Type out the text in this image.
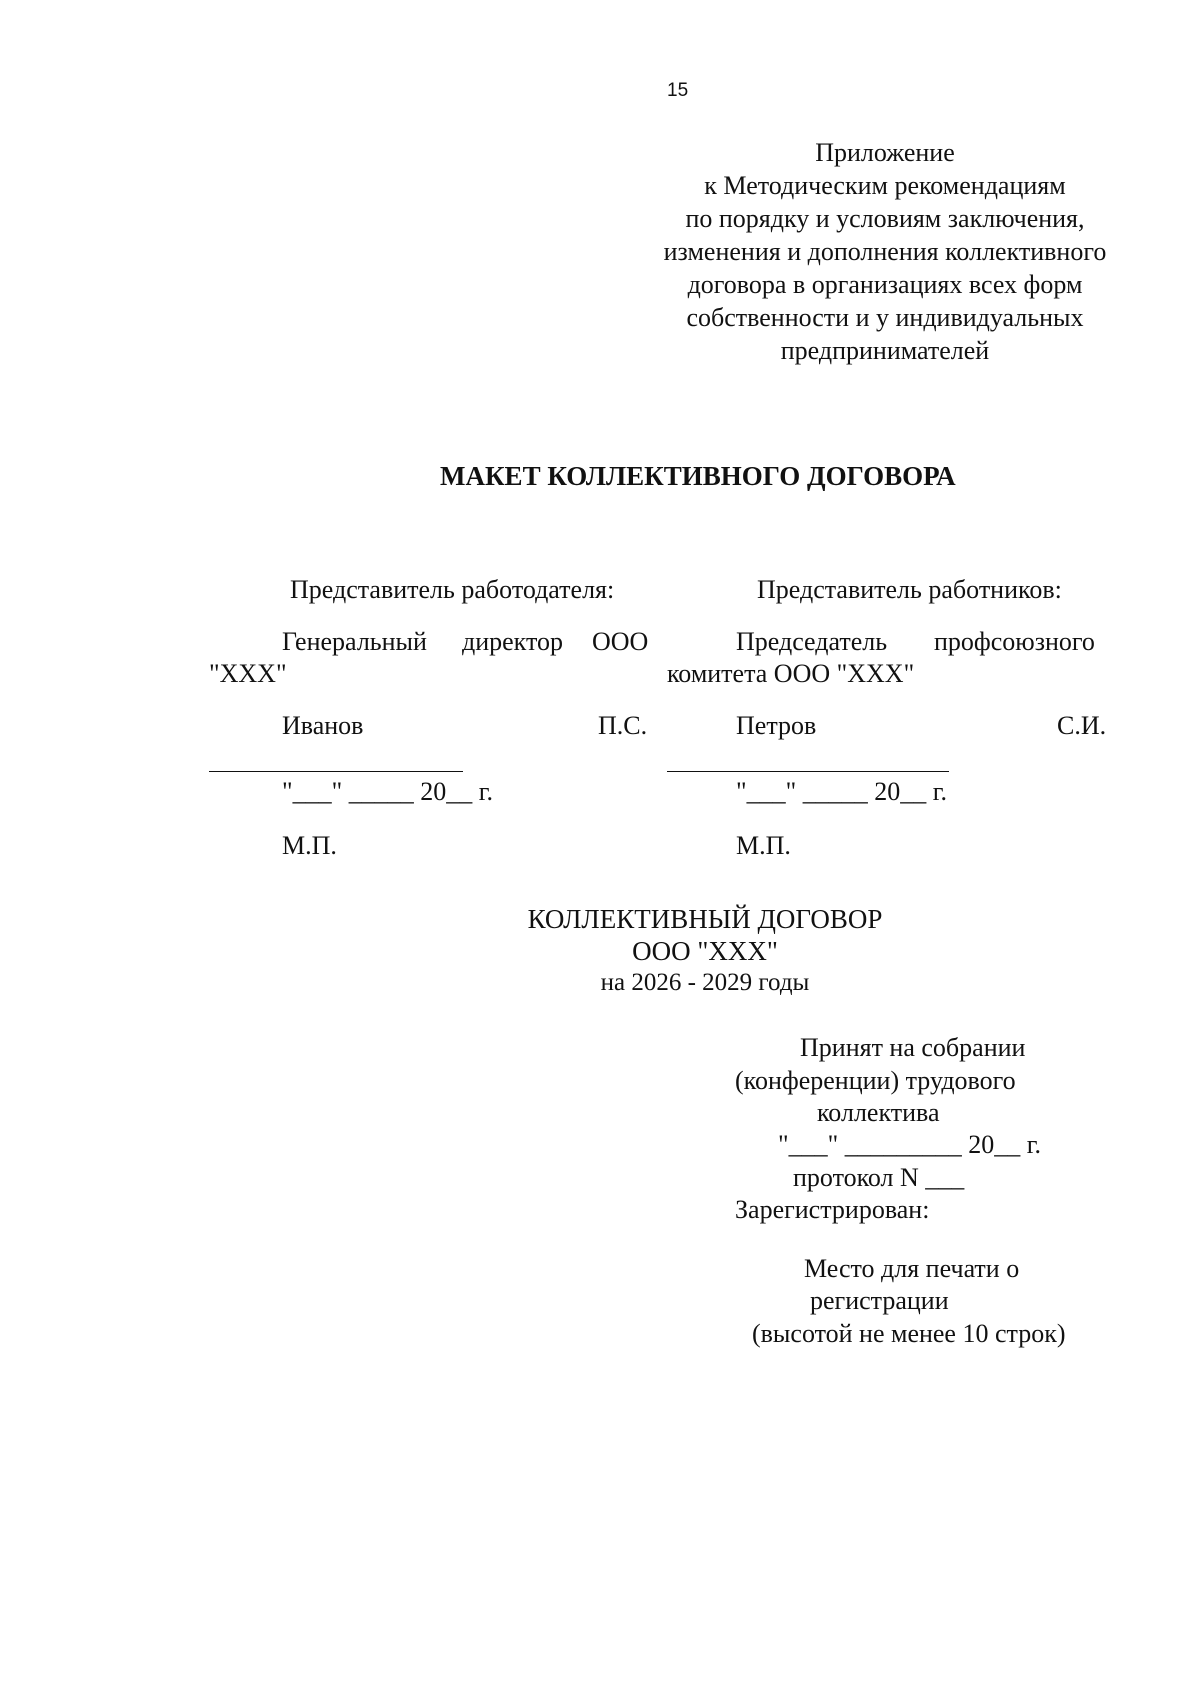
15
Приложение
к Методическим рекомендациям
по порядку и условиям заключения,
изменения и дополнения коллективного
договора в организациях всех форм
собственности и у индивидуальных
предпринимателей
МАКЕТ КОЛЛЕКТИВНОГО ДОГОВОРА
Представитель работодателя:
Генеральный директор ООО
"XXX"
Иванов	П.С.
"___" _____ 20__ г.
М.П.
Представитель работников:
Председатель профсоюзного
комитета ООО "XXX"
Петров	С.И.
"___" _____ 20__ г.
М.П.
КОЛЛЕКТИВНЫЙ ДОГОВОР
ООО "XXX"
на 2026 - 2029 годы
Принят на собрании
(конференции) трудового
коллектива
"___" _________ 20__ г.
протокол N ___
Зарегистрирован:
Место для печати о
регистрации
(высотой не менее 10 строк)
